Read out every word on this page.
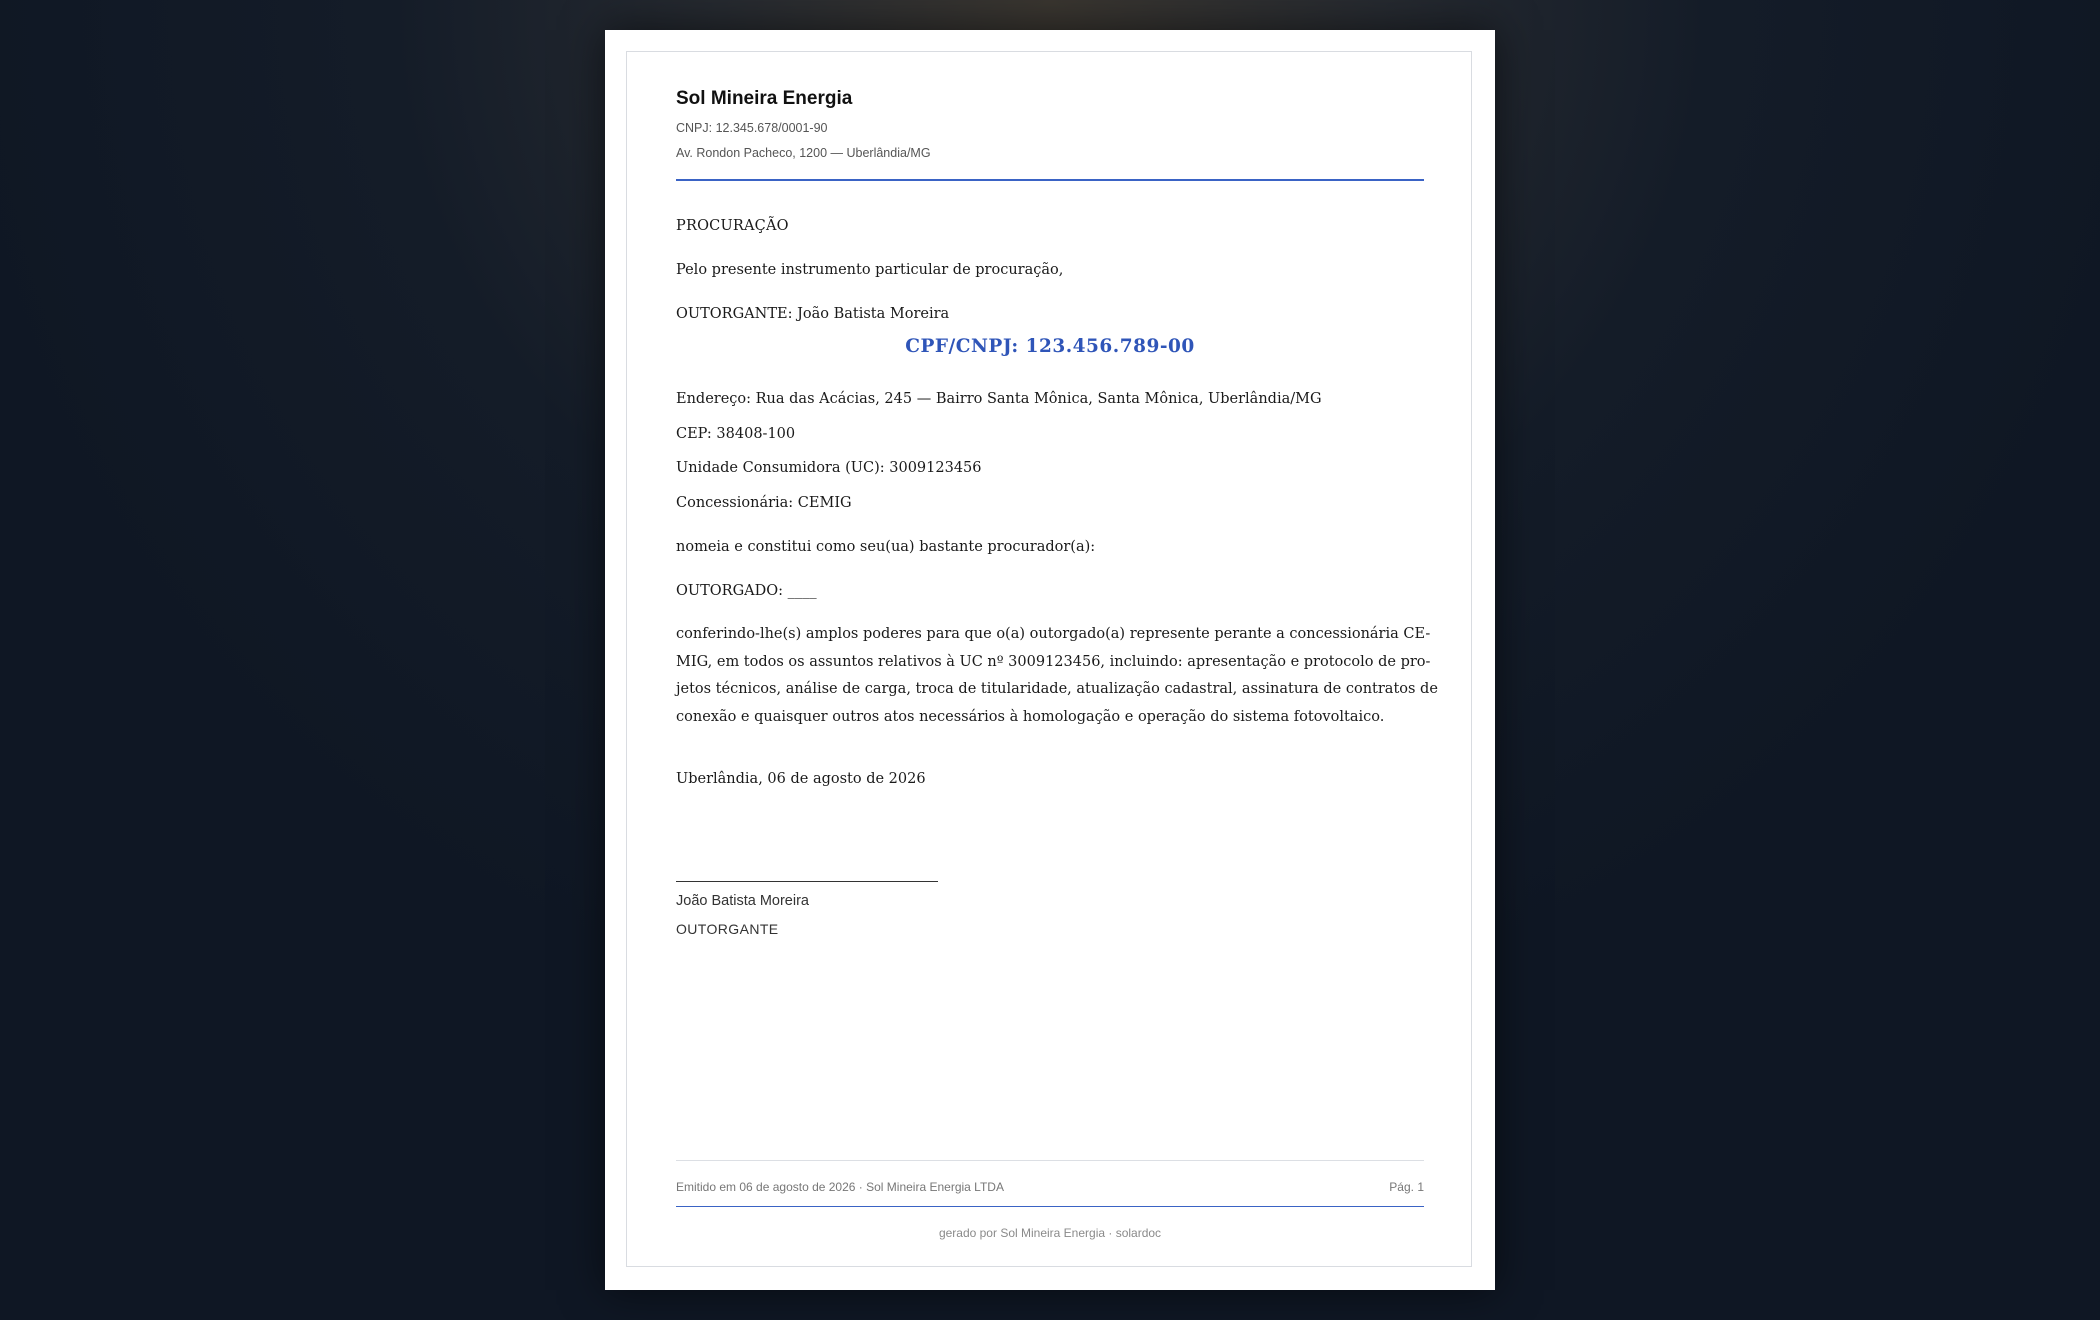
Sol Mineira Energia
CNPJ: 12.345.678/0001-90
Av. Rondon Pacheco, 1200 — Uberlândia/MG
PROCURAÇÃO
Pelo presente instrumento particular de procuração,
OUTORGANTE: João Batista Moreira
CPF/CNPJ: 123.456.789-00
Endereço: Rua das Acácias, 245 — Bairro Santa Mônica, Santa Mônica, Uberlândia/MG
CEP: 38408-100
Unidade Consumidora (UC): 3009123456
Concessionária: CEMIG
nomeia e constitui como seu(ua) bastante procurador(a):
OUTORGADO: ____
conferindo-lhe(s) amplos poderes para que o(a) outorgado(a) represente perante a concessionária CE-
MIG, em todos os assuntos relativos à UC nº 3009123456, incluindo: apresentação e protocolo de pro-
jetos técnicos, análise de carga, troca de titularidade, atualização cadastral, assinatura de contratos de
conexão e quaisquer outros atos necessários à homologação e operação do sistema fotovoltaico.
Uberlândia, 06 de agosto de 2026
João Batista Moreira
OUTORGANTE
Emitido em 06 de agosto de 2026 · Sol Mineira Energia LTDA	Pág. 1
gerado por Sol Mineira Energia · solardoc
